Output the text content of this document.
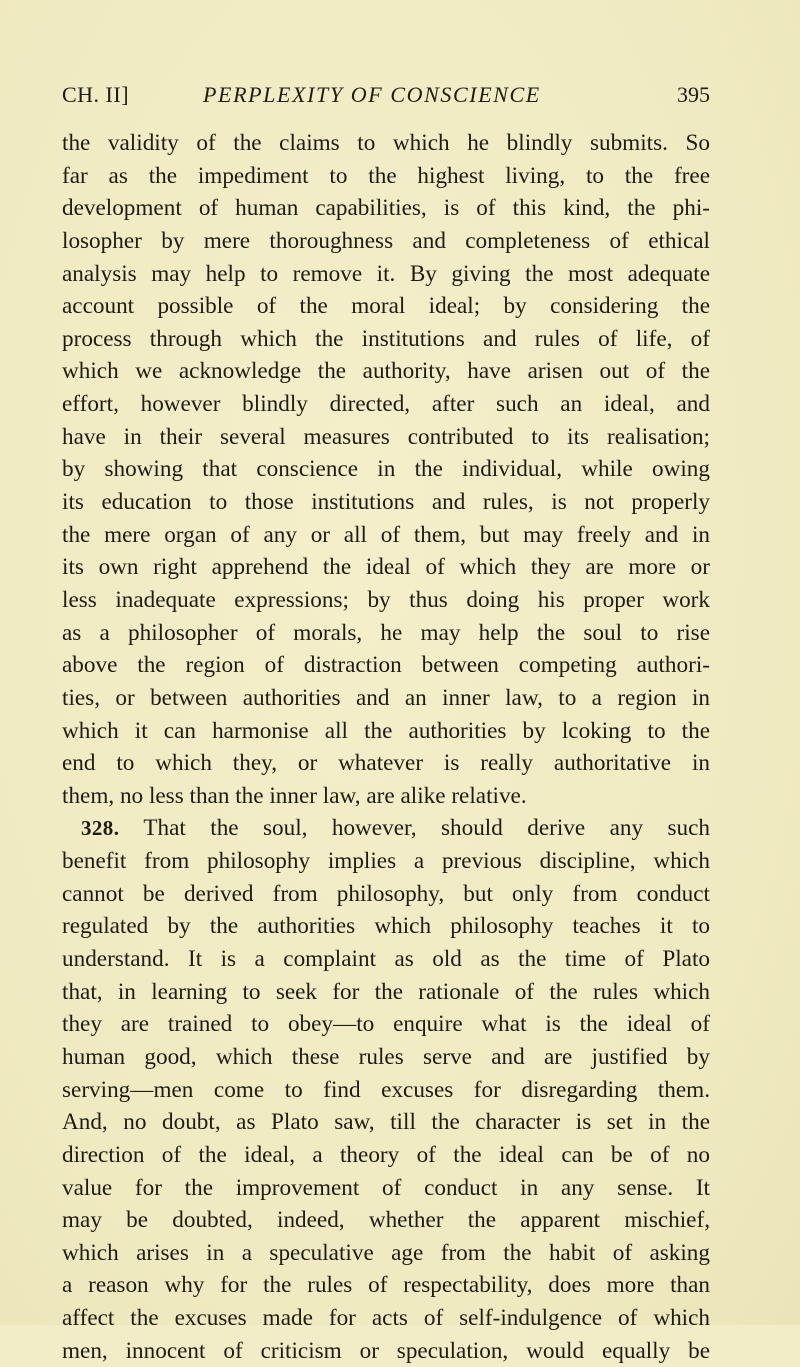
CH. II]	PERPLEXITY OF CONSCIENCE	395
the validity of the claims to which he blindly submits. So
far as the impediment to the highest living, to the free
development of human capabilities, is of this kind, the phi-
losopher by mere thoroughness and completeness of ethical
analysis may help to remove it. By giving the most adequate
account possible of the moral ideal; by considering the
process through which the institutions and rules of life, of
which we acknowledge the authority, have arisen out of the
effort, however blindly directed, after such an ideal, and
have in their several measures contributed to its realisation;
by showing that conscience in the individual, while owing
its education to those institutions and rules, is not properly
the mere organ of any or all of them, but may freely and in
its own right apprehend the ideal of which they are more or
less inadequate expressions; by thus doing his proper work
as a philosopher of morals, he may help the soul to rise
above the region of distraction between competing authori-
ties, or between authorities and an inner law, to a region in
which it can harmonise all the authorities by lcoking to the
end to which they, or whatever is really authoritative in
them, no less than the inner law, are alike relative.
328. That the soul, however, should derive any such
benefit from philosophy implies a previous discipline, which
cannot be derived from philosophy, but only from conduct
regulated by the authorities which philosophy teaches it to
understand. It is a complaint as old as the time of Plato
that, in learning to seek for the rationale of the rules which
they are trained to obey—to enquire what is the ideal of
human good, which these rules serve and are justified by
serving—men come to find excuses for disregarding them.
And, no doubt, as Plato saw, till the character is set in the
direction of the ideal, a theory of the ideal can be of no
value for the improvement of conduct in any sense. It
may be doubted, indeed, whether the apparent mischief,
which arises in a speculative age from the habit of asking
a reason why for the rules of respectability, does more than
affect the excuses made for acts of self-indulgence of which
men, innocent of criticism or speculation, would equally be
